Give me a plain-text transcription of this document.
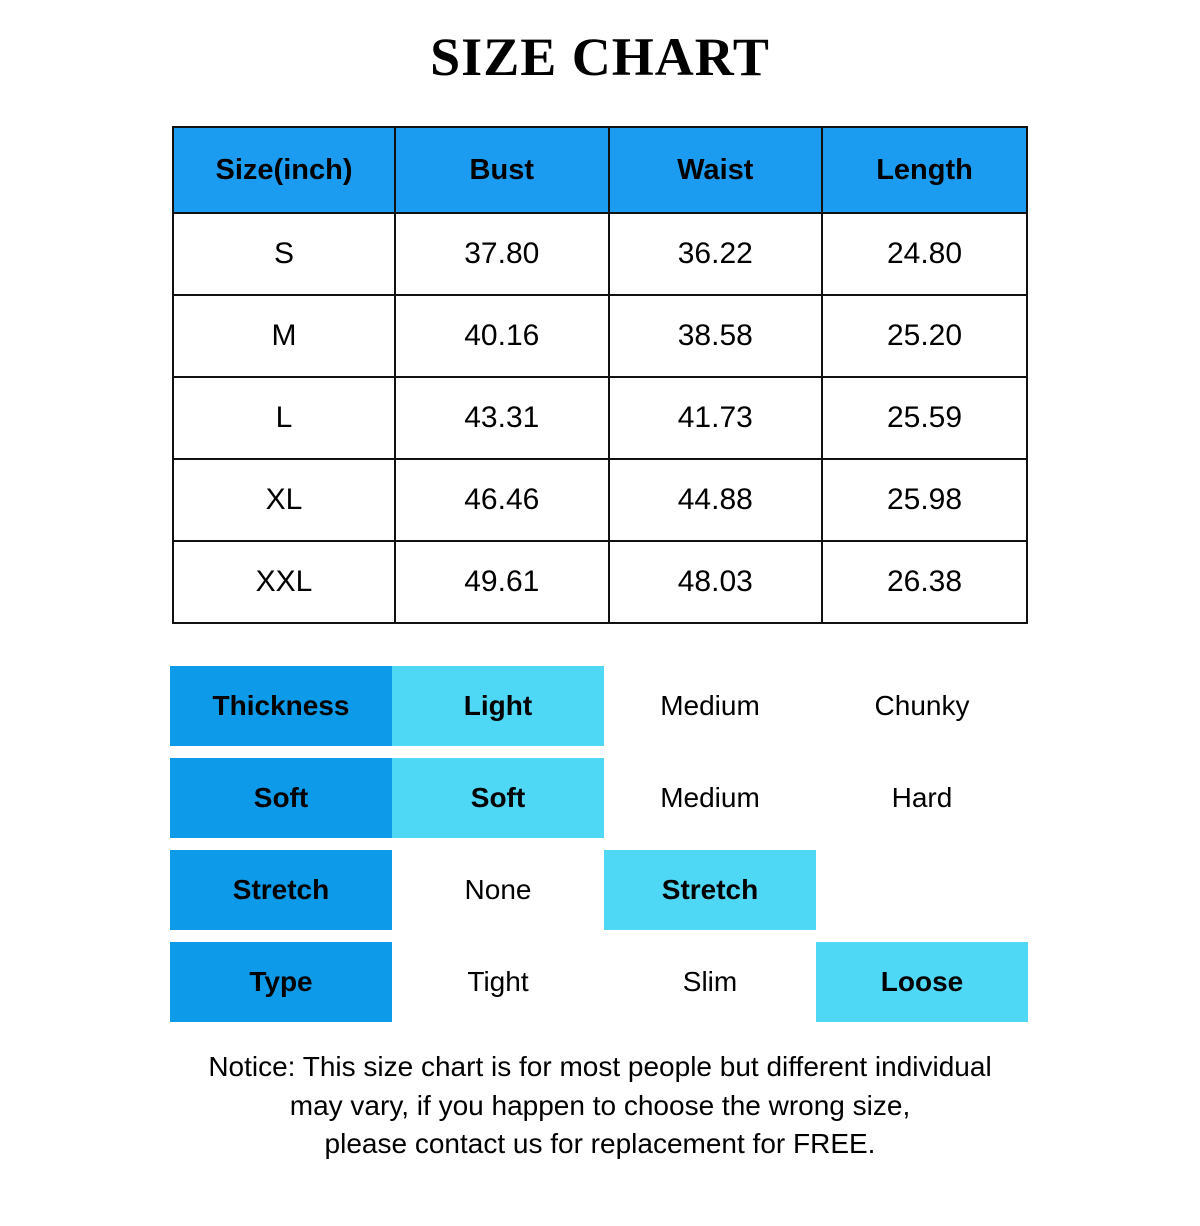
SIZE CHART
Size(inch)	Bust	Waist	Length
S	37.80	36.22	24.80
M	40.16	38.58	25.20
L	43.31	41.73	25.59
XL	46.46	44.88	25.98
XXL	49.61	48.03	26.38
Thickness	Light	Medium	Chunky
Soft	Soft	Medium	Hard
Stretch	None	Stretch
Type	Tight	Slim	Loose
Notice: This size chart is for most people but different individual
may vary, if you happen to choose the wrong size,
please contact us for replacement for FREE.
